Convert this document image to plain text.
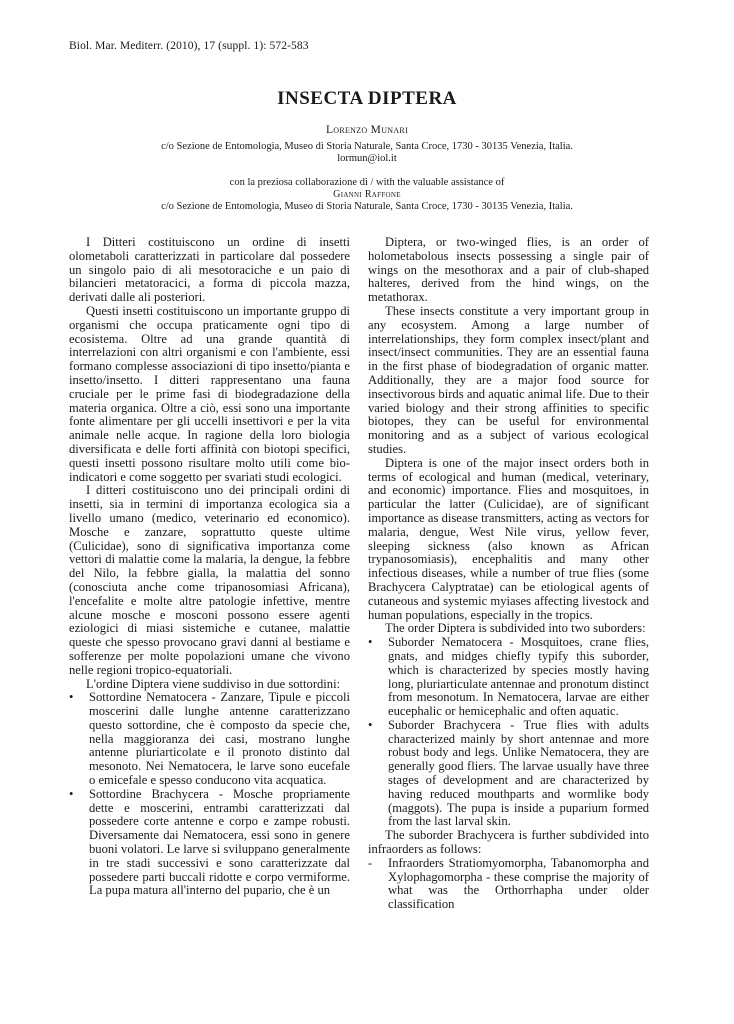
Biol. Mar. Mediterr. (2010), 17 (suppl. 1): 572-583
INSECTA DIPTERA
Lorenzo Munari
c/o Sezione de Entomologia, Museo di Storia Naturale, Santa Croce, 1730 - 30135 Venezia, Italia.
lormun@iol.it
con la preziosa collaborazione di / with the valuable assistance of
Gianni Raffone
c/o Sezione de Entomologia, Museo di Storia Naturale, Santa Croce, 1730 - 30135 Venezia, Italia.

I Ditteri costituiscono un ordine di insetti olometaboli caratterizzati in particolare dal possedere un singolo paio di ali mesotoraciche e un paio di bilancieri metatoracici, a forma di piccola mazza, derivati dalle ali posteriori.

Questi insetti costituiscono un importante gruppo di organismi che occupa praticamente ogni tipo di ecosistema. Oltre ad una grande quantità di interrelazioni con altri organismi e con l'ambiente, essi formano complesse associazioni di tipo insetto/pianta e insetto/insetto. I ditteri rappresentano una fauna cruciale per le prime fasi di biodegradazione della materia organica. Oltre a ciò, essi sono una importante fonte alimentare per gli uccelli insettivori e per la vita animale nelle acque. In ragione della loro biologia diversificata e delle forti affinità con biotopi specifici, questi insetti possono risultare molto utili come bio-indicatori e come soggetto per svariati studi ecologici.

I ditteri costituiscono uno dei principali ordini di insetti, sia in termini di importanza ecologica sia a livello umano (medico, veterinario ed economico). Mosche e zanzare, soprattutto queste ultime (Culicidae), sono di significativa importanza come vettori di malattie come la malaria, la dengue, la febbre del Nilo, la febbre gialla, la malattia del sonno (conosciuta anche come tripanosomiasi Africana), l'encefalite e molte altre patologie infettive, mentre alcune mosche e mosconi possono essere agenti eziologici di miasi sistemiche e cutanee, malattie queste che spesso provocano gravi danni al bestiame e sofferenze per molte popolazioni umane che vivono nelle regioni tropico-equatoriali.

L'ordine Diptera viene suddiviso in due sottordini:

• Sottordine Nematocera - Zanzare, Tipule e piccoli moscerini dalle lunghe antenne caratterizzano questo sottordine, che è composto da specie che, nella maggioranza dei casi, mostrano lunghe antenne pluriarticolate e il pronoto distinto dal mesonoto. Nei Nematocera, le larve sono eucefale o emicefale e spesso conducono vita acquatica.
• Sottordine Brachycera - Mosche propriamente dette e moscerini, entrambi caratterizzati dal possedere corte antenne e corpo e zampe robusti. Diversamente dai Nematocera, essi sono in genere buoni volatori. Le larve si sviluppano generalmente in tre stadi successivi e sono caratterizzate dal possedere parti buccali ridotte e corpo vermiforme. La pupa matura all'interno del pupario, che è un

Diptera, or two-winged flies, is an order of holometabolous insects possessing a single pair of wings on the mesothorax and a pair of club-shaped halteres, derived from the hind wings, on the metathorax.

These insects constitute a very important group in any ecosystem. Among a large number of interrelationships, they form complex insect/plant and insect/insect communities. They are an essential fauna in the first phase of biodegradation of organic matter. Additionally, they are a major food source for insectivorous birds and aquatic animal life. Due to their varied biology and their strong affinities to specific biotopes, they can be useful for environmental monitoring and as a subject of various ecological studies.

Diptera is one of the major insect orders both in terms of ecological and human (medical, veterinary, and economic) importance. Flies and mosquitoes, in particular the latter (Culicidae), are of significant importance as disease transmitters, acting as vectors for malaria, dengue, West Nile virus, yellow fever, sleeping sickness (also known as African trypanosomiasis), encephalitis and many other infectious diseases, while a number of true flies (some Brachycera Calyptratae) can be etiological agents of cutaneous and systemic myiases affecting livestock and human populations, especially in the tropics.

The order Diptera is subdivided into two suborders:

• Suborder Nematocera - Mosquitoes, crane flies, gnats, and midges chiefly typify this suborder, which is characterized by species mostly having long, pluriarticulate antennae and pronotum distinct from mesonotum. In Nematocera, larvae are either eucephalic or hemicephalic and often aquatic.
• Suborder Brachycera - True flies with adults characterized mainly by short antennae and more robust body and legs. Unlike Nematocera, they are generally good fliers. The larvae usually have three stages of development and are characterized by having reduced mouthparts and wormlike body (maggots). The pupa is inside a puparium formed from the last larval skin.

The suborder Brachycera is further subdivided into infraorders as follows:

- Infraorders Stratiomyomorpha, Tabanomorpha and Xylophagomorpha - these comprise the majority of what was the Orthorrhapha under older classification
